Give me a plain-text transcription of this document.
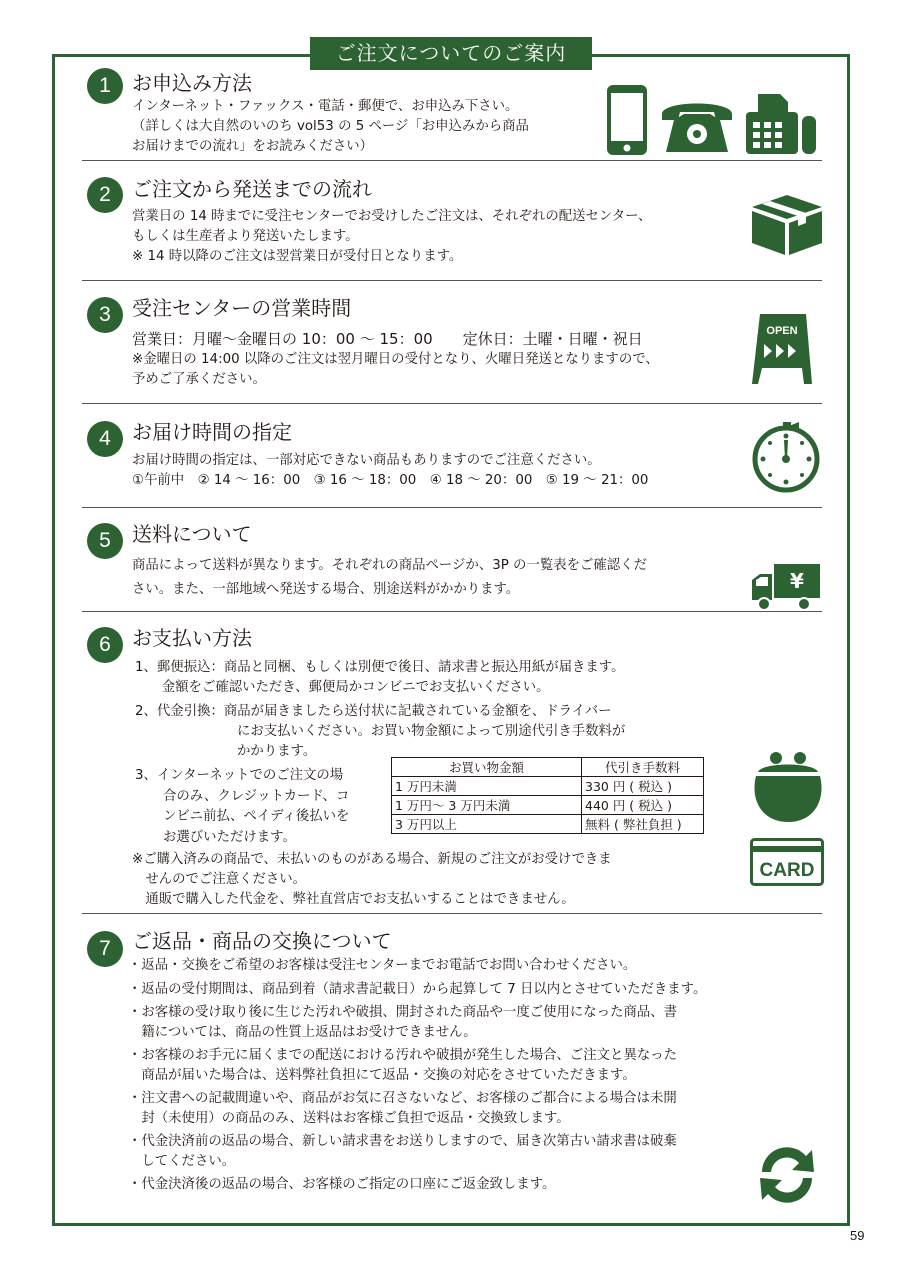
ご注文についてのご案内
1	お申込み方法
インターネット・ファックス・電話・郵便で、お申込み下さい。
（詳しくは大自然のいのち vol53 の 5 ページ「お申込みから商品
お届けまでの流れ」をお読みください）
2	ご注文から発送までの流れ
営業日の 14 時までに受注センターでお受けしたご注文は、それぞれの配送センター、
もしくは生産者より発送いたします。
※ 14 時以降のご注文は翌営業日が受付日となります。
3	受注センターの営業時間
営業日：月曜～金曜日の 10：00 ～ 15：00　　定休日：土曜・日曜・祝日
※金曜日の 14:00 以降のご注文は翌月曜日の受付となり、火曜日発送となりますので、
予めご了承ください。
OPEN
4	お届け時間の指定
お届け時間の指定は、一部対応できない商品もありますのでご注意ください。
①午前中　② 14 ～ 16：00　③ 16 ～ 18：00　④ 18 ～ 20：00　⑤ 19 ～ 21：00
5	送料について
商品によって送料が異なります。それぞれの商品ページか、3P の一覧表をご確認くだ
さい。また、一部地域へ発送する場合、別途送料がかかります。	¥
6	お支払い方法
1、郵便振込：商品と同梱、もしくは別便で後日、請求書と振込用紙が届きます。
　　金額をご確認いただき、郵便局かコンビニでお支払いください。
2、代金引換：商品が届きましたら送付状に記載されている金額を、ドライバー
にお支払いください。お買い物金額によって別途代引き手数料が
かかります。
3、インターネットでのご注文の場
合のみ、クレジットカード、コ
ンビニ前払、ペイディ後払いを
お選びいただけます。
※ご購入済みの商品で、未払いのものがある場合、新規のご注文がお受けできま
　せんのでご注意ください。
　通販で購入した代金を、弊社直営店でお支払いすることはできません。
お買い物金額	代引き手数料
1 万円未満	330 円 ( 税込 )
1 万円～ 3 万円未満	440 円 ( 税込 )
3 万円以上	無料 ( 弊社負担 )
CARD
7	ご返品・商品の交換について
・返品・交換をご希望のお客様は受注センターまでお電話でお問い合わせください。
・返品の受付期間は、商品到着（請求書記載日）から起算して 7 日以内とさせていただきます。
・お客様の受け取り後に生じた汚れや破損、開封された商品や一度ご使用になった商品、書
　籍については、商品の性質上返品はお受けできません。
・お客様のお手元に届くまでの配送における汚れや破損が発生した場合、ご注文と異なった
　商品が届いた場合は、送料弊社負担にて返品・交換の対応をさせていただきます。
・注文書への記載間違いや、商品がお気に召さないなど、お客様のご都合による場合は未開
　封（未使用）の商品のみ、送料はお客様ご負担で返品・交換致します。
・代金決済前の返品の場合、新しい請求書をお送りしますので、届き次第古い請求書は破棄
　してください。
・代金決済後の返品の場合、お客様のご指定の口座にご返金致します。
59
